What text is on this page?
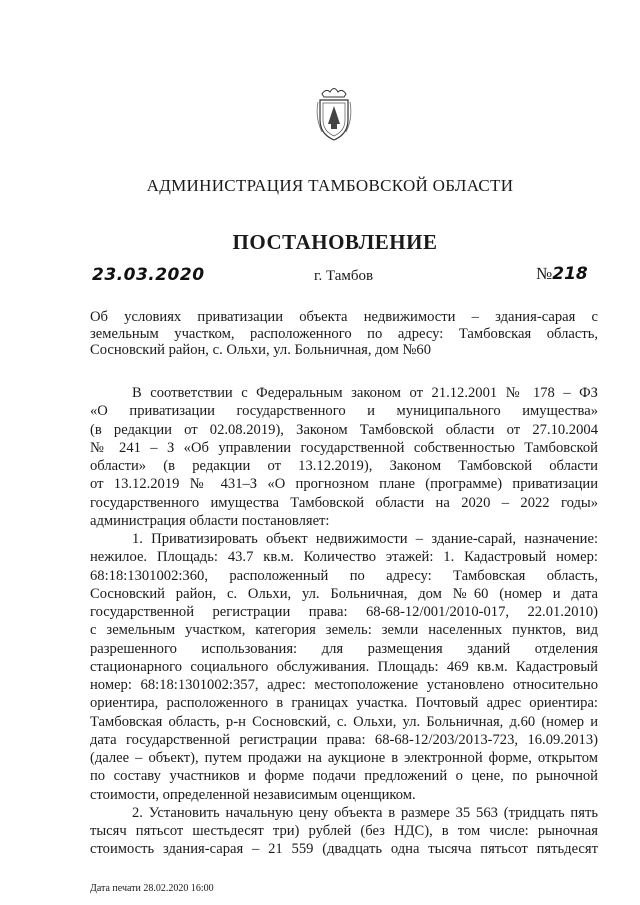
АДМИНИСТРАЦИЯ ТАМБОВСКОЙ ОБЛАСТИ
ПОСТАНОВЛЕНИЕ
23.03.2020	г. Тамбов	№218
Об условиях приватизации объекта недвижимости – здания-сарая с
земельным участком, расположенного по адресу: Тамбовская область,
Сосновский район, с. Ольхи, ул. Больничная, дом №60
В соответствии с Федеральным законом от 21.12.2001 № 178 – ФЗ
«О приватизации государственного и муниципального имущества»
(в редакции от 02.08.2019), Законом Тамбовской области от 27.10.2004
№ 241 – З «Об управлении государственной собственностью Тамбовской
области» (в редакции от 13.12.2019), Законом Тамбовской области
от 13.12.2019 № 431–З «О прогнозном плане (программе) приватизации
государственного имущества Тамбовской области на 2020 – 2022 годы»
администрация области постановляет:
1. Приватизировать объект недвижимости – здание-сарай, назначение:
нежилое. Площадь: 43.7 кв.м. Количество этажей: 1. Кадастровый номер:
68:18:1301002:360, расположенный по адресу: Тамбовская область,
Сосновский район, с. Ольхи, ул. Больничная, дом №60 (номер и дата
государственной регистрации права: 68-68-12/001/2010-017, 22.01.2010)
с земельным участком, категория земель: земли населенных пунктов, вид
разрешенного использования: для размещения зданий отделения
стационарного социального обслуживания. Площадь: 469 кв.м. Кадастровый
номер: 68:18:1301002:357, адрес: местоположение установлено относительно
ориентира, расположенного в границах участка. Почтовый адрес ориентира:
Тамбовская область, р-н Сосновский, с. Ольхи, ул. Больничная, д.60 (номер и
дата государственной регистрации права: 68-68-12/203/2013-723, 16.09.2013)
(далее – объект), путем продажи на аукционе в электронной форме, открытом
по составу участников и форме подачи предложений о цене, по рыночной
стоимости, определенной независимым оценщиком.
2. Установить начальную цену объекта в размере 35 563 (тридцать пять
тысяч пятьсот шестьдесят три) рублей (без НДС), в том числе: рыночная
стоимость здания-сарая – 21 559 (двадцать одна тысяча пятьсот пятьдесят
Дата печати 28.02.2020 16:00
